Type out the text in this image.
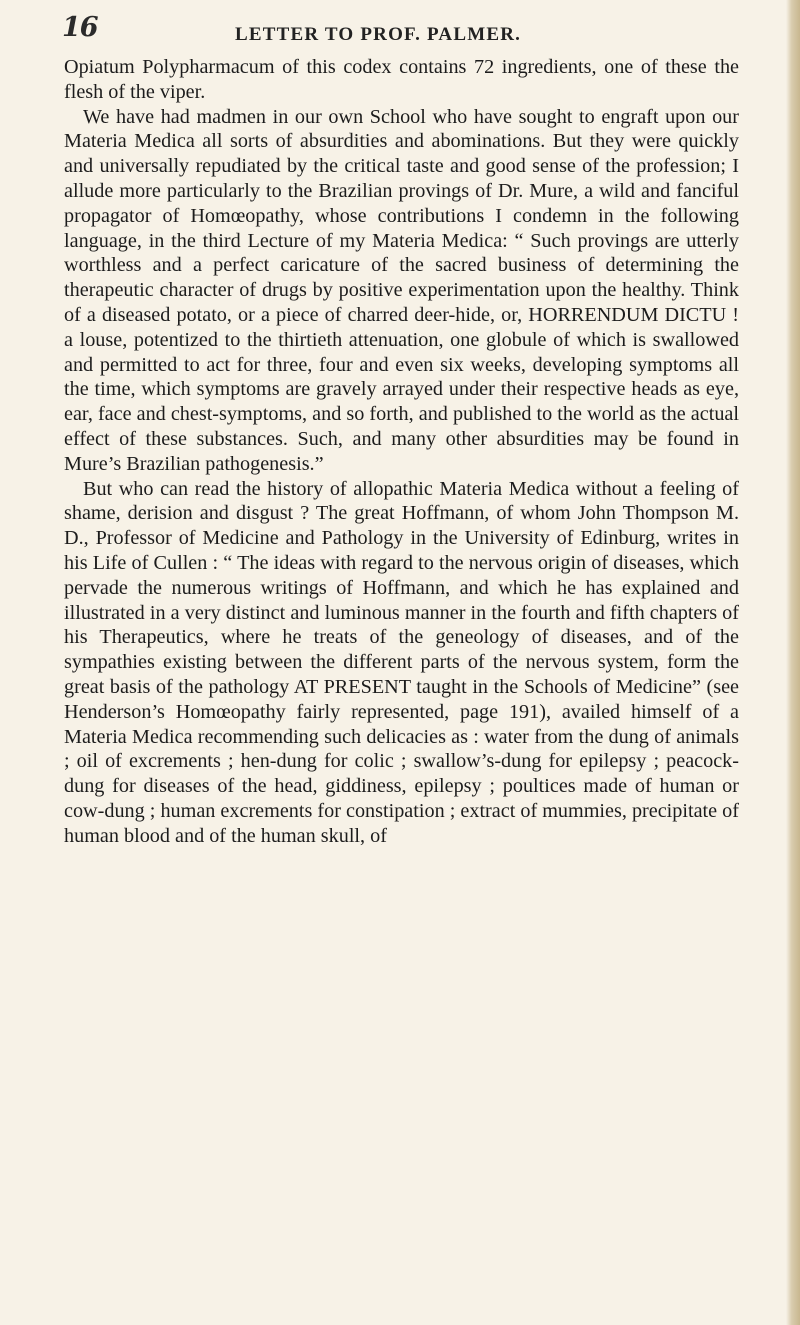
16	LETTER TO PROF. PALMER.

Opiatum Polypharmacum of this codex contains 72 ingredients, one of these the flesh of the viper.

We have had madmen in our own School who have sought to engraft upon our Materia Medica all sorts of absurdities and abominations. But they were quickly and universally repudiated by the critical taste and good sense of the profession; I allude more particularly to the Brazilian provings of Dr. Mure, a wild and fanciful propagator of Homœopathy, whose contributions I condemn in the following language, in the third Lecture of my Materia Medica: “ Such provings are utterly worthless and a perfect caricature of the sacred business of determining the therapeutic character of drugs by positive experimentation upon the healthy. Think of a diseased potato, or a piece of charred deer-hide, or, HORRENDUM DICTU ! a louse, potentized to the thirtieth attenuation, one globule of which is swallowed and permitted to act for three, four and even six weeks, developing symptoms all the time, which symptoms are gravely arrayed under their respective heads as eye, ear, face and chest-symptoms, and so forth, and published to the world as the actual effect of these substances. Such, and many other absurdities may be found in Mure’s Brazilian pathogenesis.”

But who can read the history of allopathic Materia Medica without a feeling of shame, derision and disgust ? The great Hoffmann, of whom John Thompson M. D., Professor of Medicine and Pathology in the University of Edinburg, writes in his Life of Cullen : “ The ideas with regard to the nervous origin of diseases, which pervade the numerous writings of Hoffmann, and which he has explained and illustrated in a very distinct and luminous manner in the fourth and fifth chapters of his Therapeutics, where he treats of the geneology of diseases, and of the sympathies existing between the different parts of the nervous system, form the great basis of the pathology AT PRESENT taught in the Schools of Medicine” (see Henderson’s Homœopathy fairly represented, page 191), availed himself of a Materia Medica recommending such delicacies as : water from the dung of animals ; oil of excrements ; hen-dung for colic ; swallow’s-dung for epilepsy ; peacock-dung for diseases of the head, giddiness, epilepsy ; poultices made of human or cow-dung ; human excrements for constipation ; extract of mummies, precipitate of human blood and of the human skull, of
